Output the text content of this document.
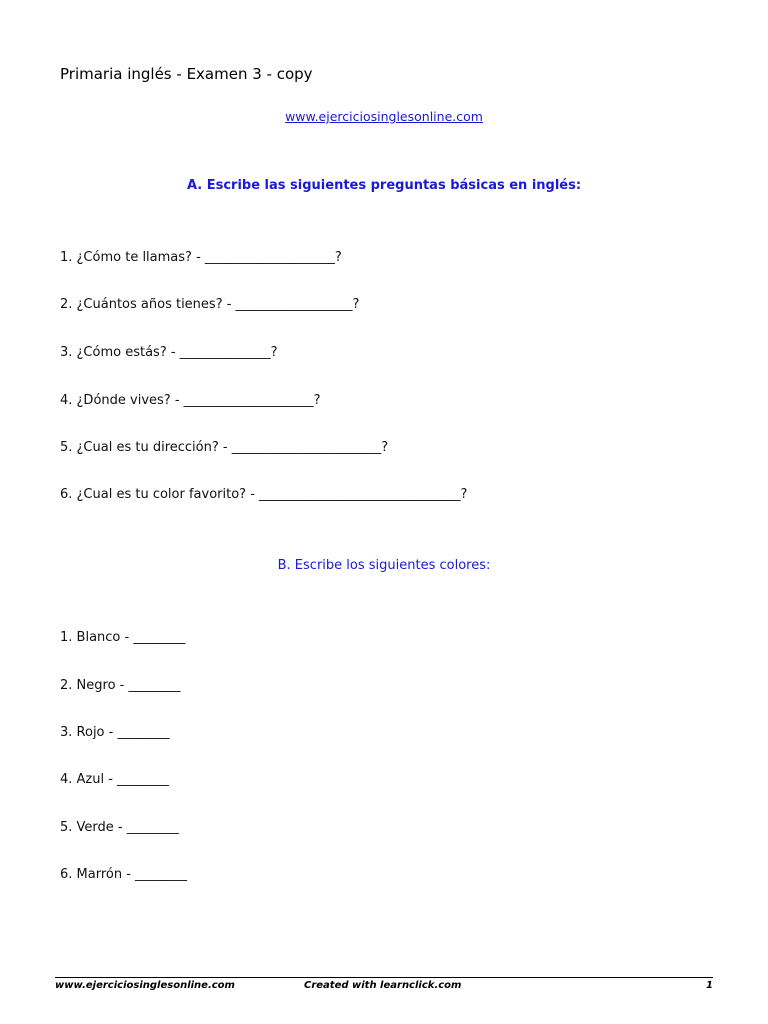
Primaria inglés - Examen 3 - copy
www.ejerciciosinglesonline.com
A. Escribe las siguientes preguntas básicas en inglés:
1. ¿Cómo te llamas? - ____________________?
2. ¿Cuántos años tienes? - __________________?
3. ¿Cómo estás? - ______________?
4. ¿Dónde vives? - ____________________?
5. ¿Cual es tu dirección? - _______________________?
6. ¿Cual es tu color favorito? - _______________________________?
B. Escribe los siguientes colores:
1. Blanco - ________
2. Negro - ________
3. Rojo - ________
4. Azul - ________
5. Verde - ________
6. Marrón - ________
www.ejerciciosinglesonline.com	Created with learnclick.com	1
